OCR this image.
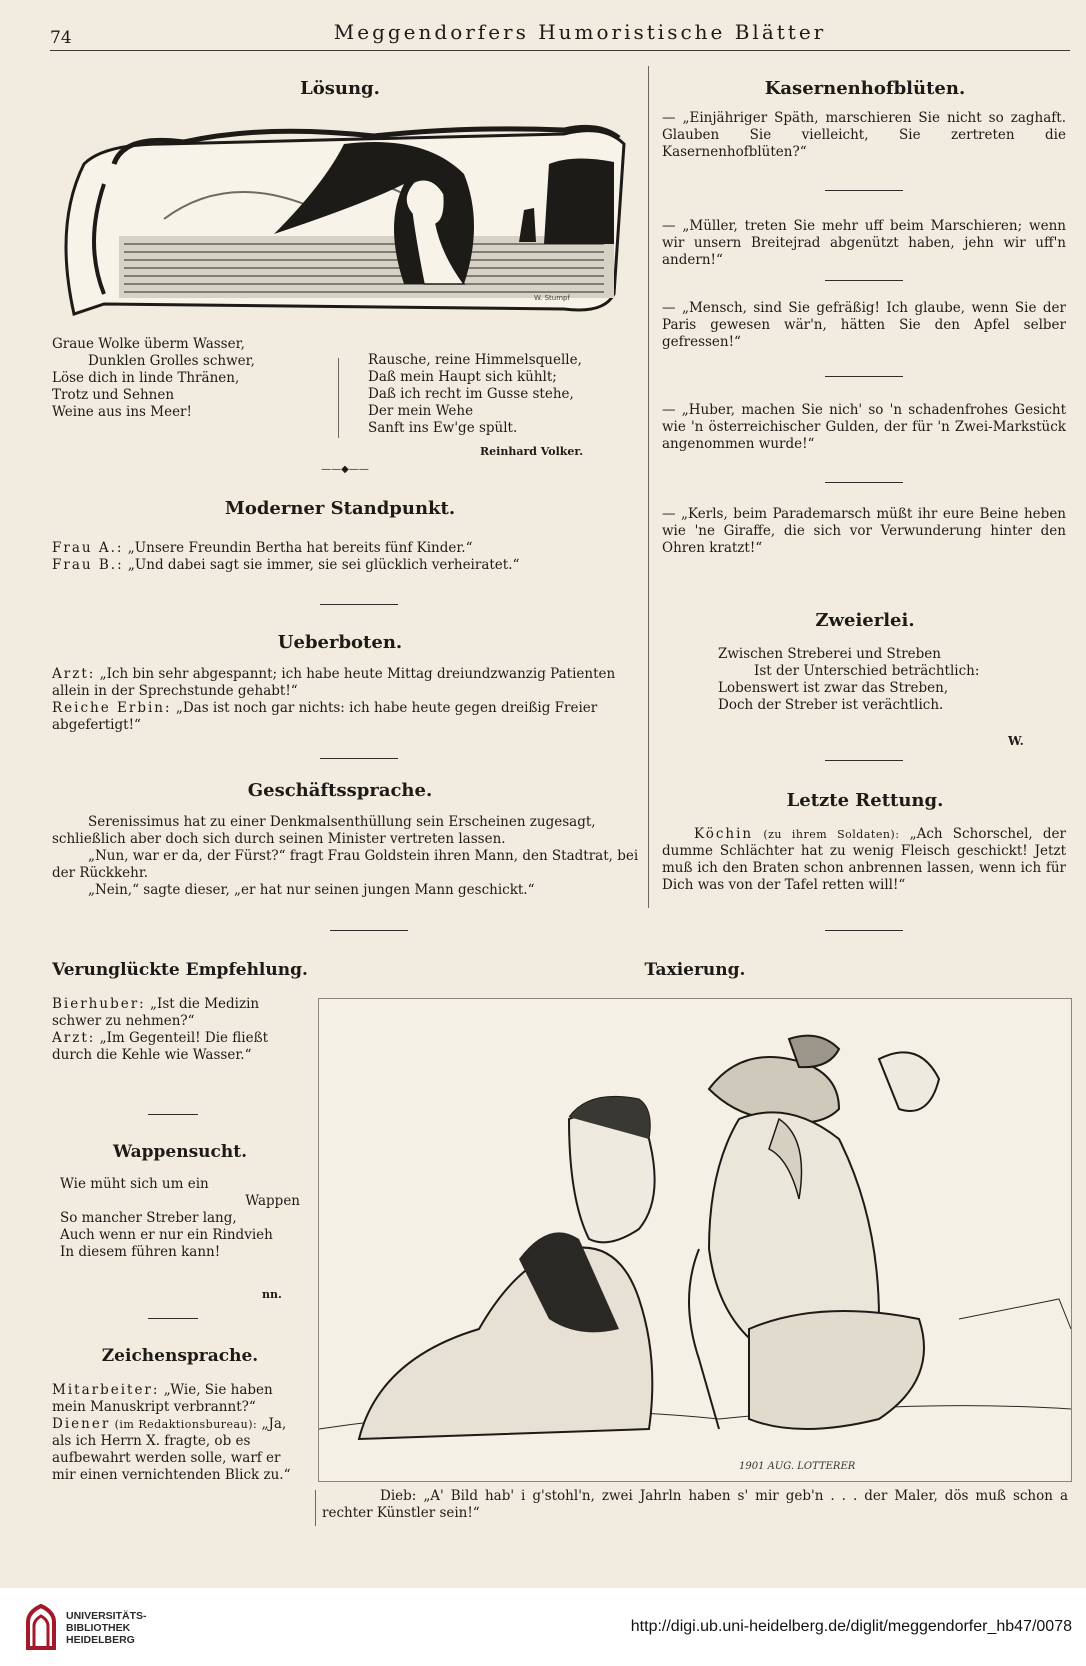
74	Meggendorfers Humoristische Blätter
Lösung.
W. Stumpf
Graue Wolke überm Wasser,
Dunklen Grolles schwer,
Löse dich in linde Thränen,
Trotz und Sehnen
Weine aus ins Meer!
Rausche, reine Himmelsquelle,
Daß mein Haupt sich kühlt;
Daß ich recht im Gusse stehe,
Der mein Wehe
Sanft ins Ew'ge spült.
Reinhard Volker.
——◆——
Moderner Standpunkt.
Frau A.: „Unsere Freundin Bertha hat bereits fünf Kinder.“
Frau B.: „Und dabei sagt sie immer, sie sei glücklich verheiratet.“
Ueberboten.
Arzt: „Ich bin sehr abgespannt; ich habe heute Mittag dreiundzwanzig Patienten allein in der Sprechstunde gehabt!“
Reiche Erbin: „Das ist noch gar nichts: ich habe heute gegen dreißig Freier abgefertigt!“
Geschäftssprache.
Serenissimus hat zu einer Denkmalsenthüllung sein Erscheinen zugesagt, schließlich aber doch sich durch seinen Minister vertreten lassen.
„Nun, war er da, der Fürst?“ fragt Frau Goldstein ihren Mann, den Stadtrat, bei der Rückkehr.
„Nein,“ sagte dieser, „er hat nur seinen jungen Mann geschickt.“
Kasernenhofblüten.
— „Einjähriger Späth, marschieren Sie nicht so zaghaft. Glauben Sie vielleicht, Sie zertreten die Kasernenhofblüten?“
— „Müller, treten Sie mehr uff beim Marschieren; wenn wir unsern Breitejrad abgenützt haben, jehn wir uff'n andern!“
— „Mensch, sind Sie gefräßig! Ich glaube, wenn Sie der Paris gewesen wär'n, hätten Sie den Apfel selber gefressen!“
— „Huber, machen Sie nich' so 'n schadenfrohes Gesicht wie 'n österreichischer Gulden, der für 'n Zwei-Markstück angenommen wurde!“
— „Kerls, beim Parademarsch müßt ihr eure Beine heben wie 'ne Giraffe, die sich vor Verwunderung hinter den Ohren kratzt!“
Zweierlei.
Zwischen Streberei und Streben
Ist der Unterschied beträchtlich:
Lobenswert ist zwar das Streben,
Doch der Streber ist verächtlich.
W.
Letzte Rettung.
Köchin (zu ihrem Soldaten): „Ach Schorschel, der dumme Schlächter hat zu wenig Fleisch geschickt! Jetzt muß ich den Braten schon anbrennen lassen, wenn ich für Dich was von der Tafel retten will!“
Verunglückte Empfehlung.
Bierhuber: „Ist die Medizin schwer zu nehmen?“
Arzt: „Im Gegenteil! Die fließt durch die Kehle wie Wasser.“
Wappensucht.
Wie müht sich um ein
Wappen
So mancher Streber lang,
Auch wenn er nur ein Rindvieh
In diesem führen kann!
nn.
Zeichensprache.
Mitarbeiter: „Wie, Sie haben mein Manuskript verbrannt?“
Diener (im Redaktionsbureau): „Ja, als ich Herrn X. fragte, ob es aufbewahrt werden solle, warf er mir einen vernichtenden Blick zu.“
Taxierung.
1901 AUG. LOTTERER
Dieb: „A' Bild hab' i g'stohl'n, zwei Jahrln haben s' mir geb'n . . . der Maler, dös muß schon a rechter Künstler sein!“
UNIVERSITÄTS-
BIBLIOTHEK
HEIDELBERG
http://digi.ub.uni-heidelberg.de/diglit/meggendorfer_hb47/0078
